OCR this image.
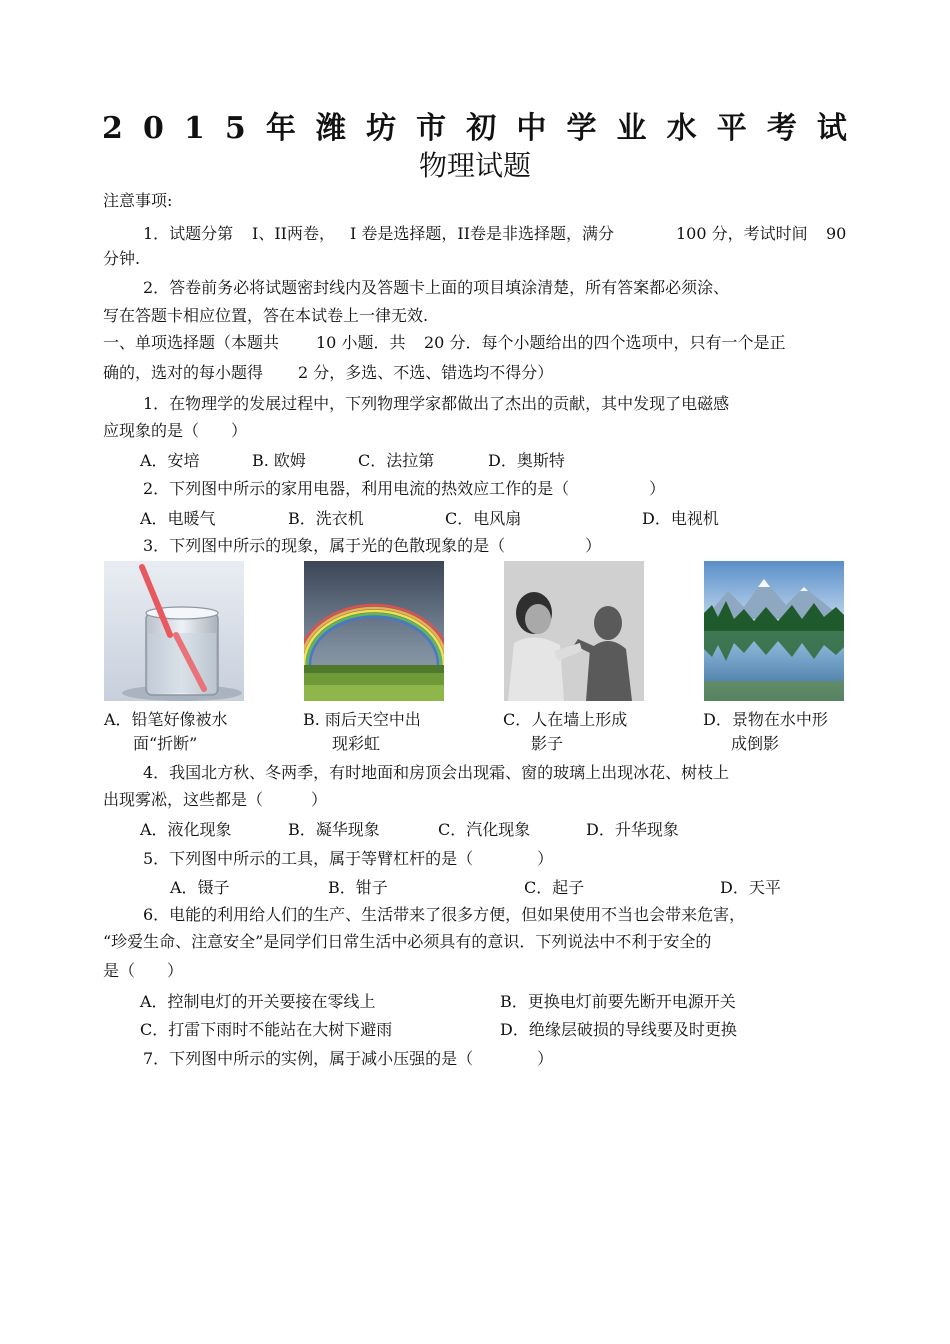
2 0 1 5 年 潍 坊 市 初 中 学 业 水 平 考 试
物理试题
注意事项:
1．试题分第 I、II两卷， I 卷是选择题，II卷是非选择题，满分	100 分，考试时间 90
分钟.
2．答卷前务必将试题密封线内及答题卡上面的项目填涂清楚，所有答案都必须涂、
写在答题卡相应位置，答在本试卷上一律无效.
一、单项选择题（本题共 10 小题．共 20 分．每个小题给出的四个选项中，只有一个是正
确的，选对的每小题得 2 分，多选、不选、错选均不得分）
1．在物理学的发展过程中，下列物理学家都做出了杰出的贡献，其中发现了电磁感
应现象的是（　　）
A．安培	B. 欧姆	C．法拉第	D．奥斯特
2．下列图中所示的家用电器，利用电流的热效应工作的是（　　　　　）
A．电暖气	B．洗衣机	C．电风扇	D．电视机
3．下列图中所示的现象，属于光的色散现象的是（　　　　　）
A．铅笔好像被水
面“折断”
B. 雨后天空中出
现彩虹
C．人在墙上形成
影子
D．景物在水中形
成倒影
4．我国北方秋、冬两季，有时地面和房顶会出现霜、窗的玻璃上出现冰花、树枝上
出现雾凇，这些都是（　　　）
A．液化现象	B．凝华现象	C．汽化现象	D．升华现象
5．下列图中所示的工具，属于等臂杠杆的是（　　　　）
A．镊子	B．钳子	C．起子	D．天平
6．电能的利用给人们的生产、生活带来了很多方便，但如果使用不当也会带来危害，
“珍爱生命、注意安全”是同学们日常生活中必须具有的意识．下列说法中不利于安全的
是（　　）
A．控制电灯的开关要接在零线上	B．更换电灯前要先断开电源开关
C．打雷下雨时不能站在大树下避雨	D．绝缘层破损的导线要及时更换
7．下列图中所示的实例，属于减小压强的是（　　　　）
